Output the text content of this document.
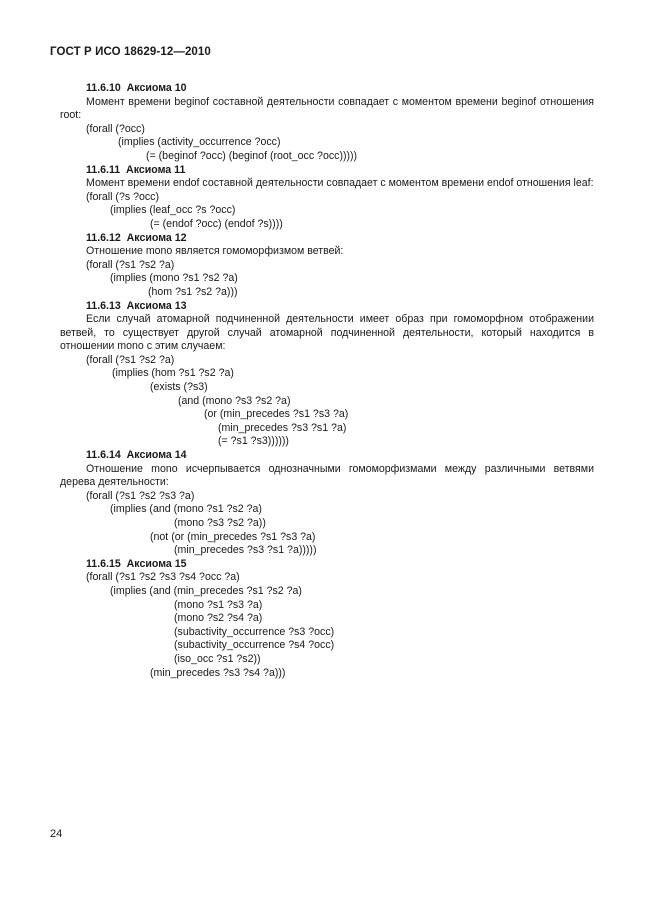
ГОСТ Р ИСО 18629-12—2010
11.6.10  Аксиома 10
Момент времени beginof составной деятельности совпадает с моментом времени beginof отношения root:
(forall (?occ)
(implies (activity_occurrence ?occ)
(= (beginof ?occ) (beginof (root_occ ?occ)))))
11.6.11  Аксиома 11
Момент времени endof составной деятельности совпадает с моментом времени endof отношения leaf:
(forall (?s ?occ)
(implies (leaf_occ ?s ?occ)
(= (endof ?occ) (endof ?s))))
11.6.12  Аксиома 12
Отношение mono является гомоморфизмом ветвей:
(forall (?s1 ?s2 ?a)
(implies (mono ?s1 ?s2 ?a)
(hom ?s1 ?s2 ?a)))
11.6.13  Аксиома 13
Если случай атомарной подчиненной деятельности имеет образ при гомоморфном отображении ветвей, то существует другой случай атомарной подчиненной деятельности, который находится в отношении mono с этим случаем:
(forall (?s1 ?s2 ?a)
(implies (hom ?s1 ?s2 ?a)
(exists (?s3)
(and (mono ?s3 ?s2 ?a)
(or (min_precedes ?s1 ?s3 ?a)
(min_precedes ?s3 ?s1 ?a)
(= ?s1 ?s3))))))
11.6.14  Аксиома 14
Отношение mono исчерпывается однозначными гомоморфизмами между различными ветвями дерева деятельности:
(forall (?s1 ?s2 ?s3 ?a)
(implies (and (mono ?s1 ?s2 ?a)
(mono ?s3 ?s2 ?a))
(not (or (min_precedes ?s1 ?s3 ?a)
(min_precedes ?s3 ?s1 ?a)))))
11.6.15  Аксиома 15
(forall (?s1 ?s2 ?s3 ?s4 ?occ ?a)
(implies (and (min_precedes ?s1 ?s2 ?a)
(mono ?s1 ?s3 ?a)
(mono ?s2 ?s4 ?a)
(subactivity_occurrence ?s3 ?occ)
(subactivity_occurrence ?s4 ?occ)
(iso_occ ?s1 ?s2))
(min_precedes ?s3 ?s4 ?a)))
24
